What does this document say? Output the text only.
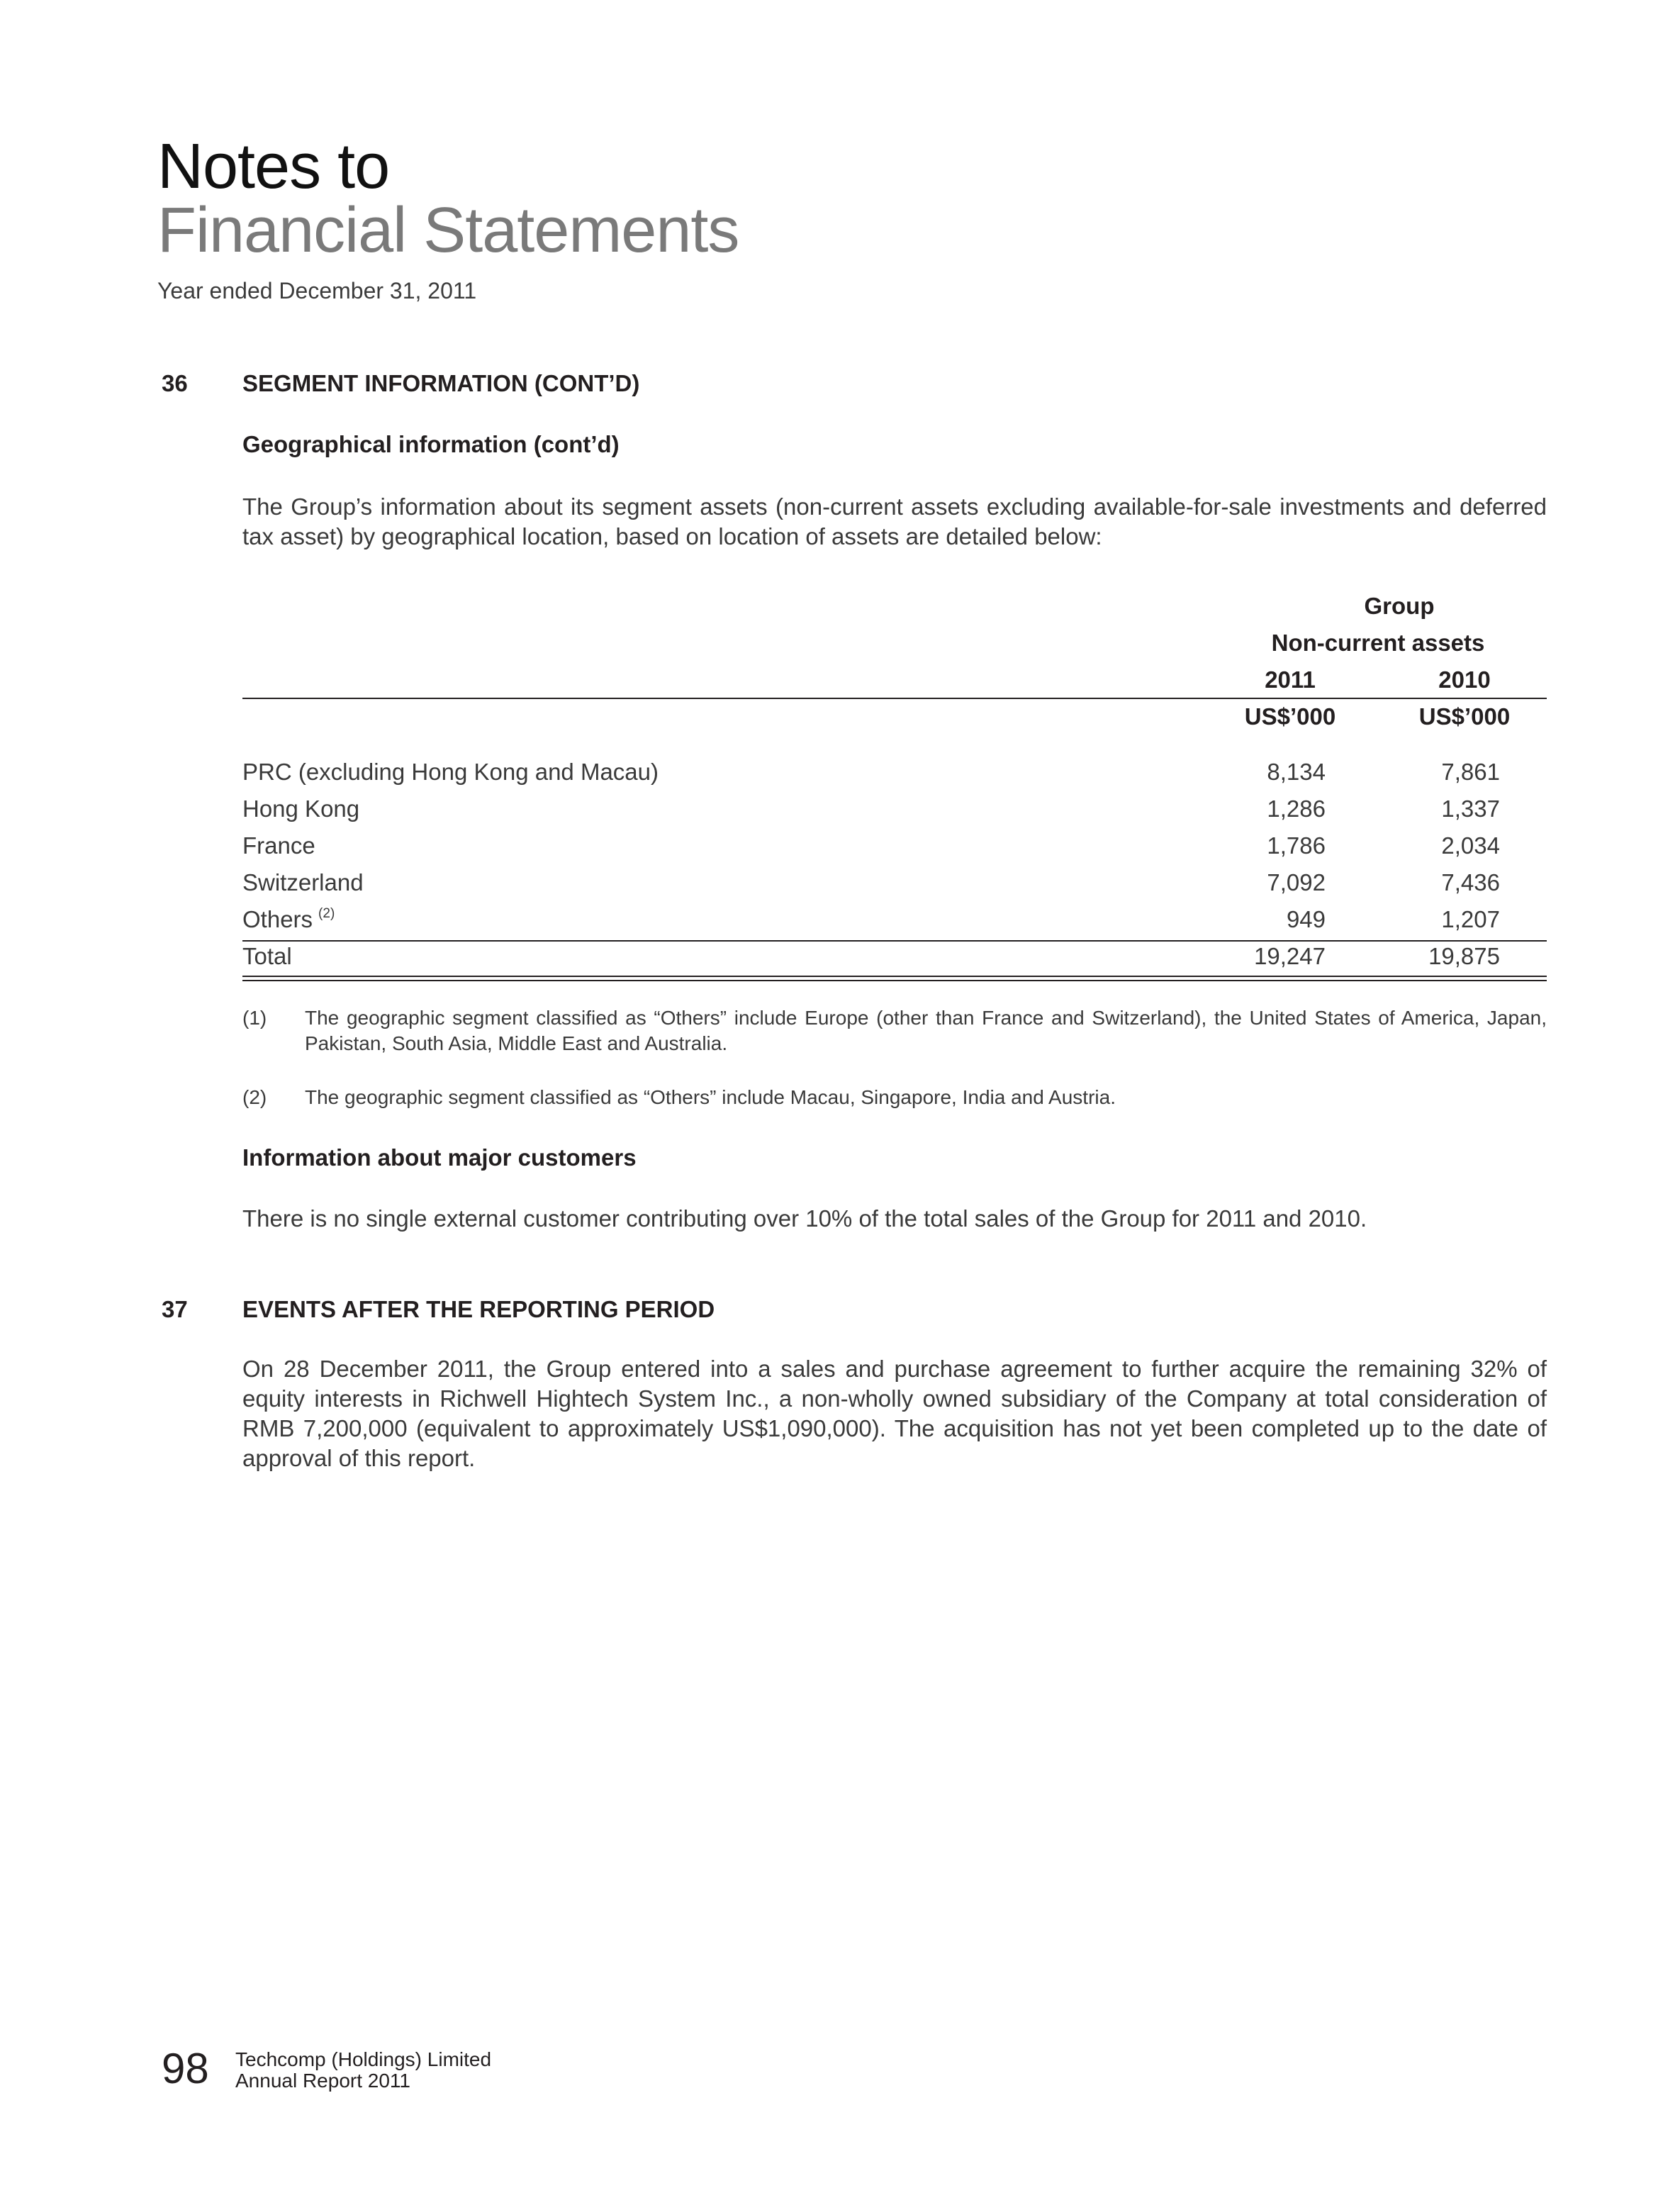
Notes to
Financial Statements
Year ended December 31, 2011
36 SEGMENT INFORMATION (CONT’D)
Geographical information (cont’d)
The Group’s information about its segment assets (non-current assets excluding available-for-sale investments and deferred tax asset) by geographical location, based on location of assets are detailed below:
Group
Non-current assets
2011	2010
US$’000	US$’000
PRC (excluding Hong Kong and Macau)	8,134	7,861
Hong Kong	1,286	1,337
France	1,786	2,034
Switzerland	7,092	7,436
Others $^{(2)}$	949	1,207
Total	19,247	19,875
(1) The geographic segment classified as “Others” include Europe (other than France and Switzerland), the United States of America, Japan, Pakistan, South Asia, Middle East and Australia.
(2) The geographic segment classified as “Others” include Macau, Singapore, India and Austria.
Information about major customers
There is no single external customer contributing over 10% of the total sales of the Group for 2011 and 2010.
37 EVENTS AFTER THE REPORTING PERIOD
On 28 December 2011, the Group entered into a sales and purchase agreement to further acquire the remaining 32% of equity interests in Richwell Hightech System Inc., a non-wholly owned subsidiary of the Company at total consideration of RMB 7,200,000 (equivalent to approximately US$1,090,000). The acquisition has not yet been completed up to the date of approval of this report.
98 Techcomp (Holdings) Limited
Annual Report 2011
